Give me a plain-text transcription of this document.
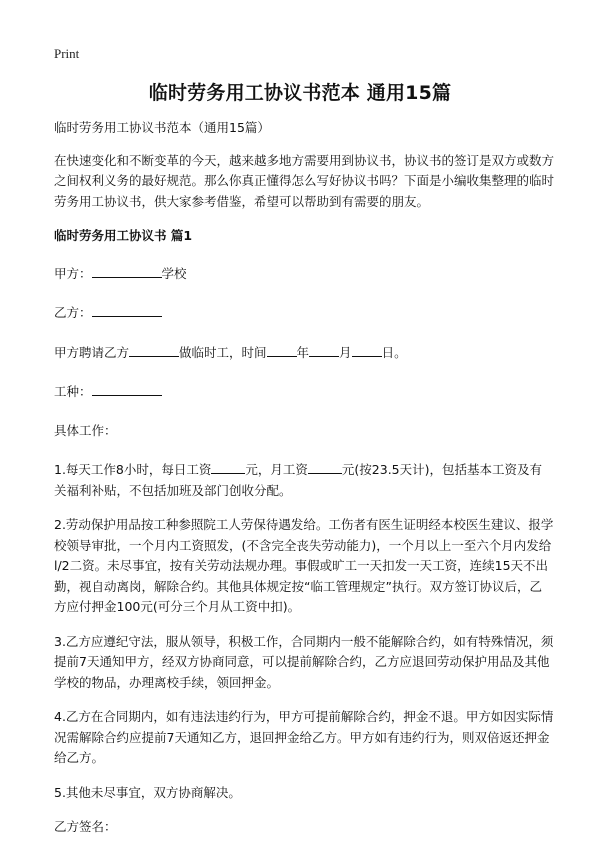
Print
临时劳务用工协议书范本 通用15篇

临时劳务用工协议书范本（通用15篇）

在快速变化和不断变革的今天，越来越多地方需要用到协议书，协议书的签订是双方或数方之间权利义务的最好规范。那么你真正懂得怎么写好协议书吗？下面是小编收集整理的临时劳务用工协议书，供大家参考借鉴，希望可以帮助到有需要的朋友。

临时劳务用工协议书 篇1

甲方：	学校

乙方：

甲方聘请乙方	做临时工，时间 年 月 日。

工种：

具体工作：

1.每天工作8小时，每日工资	元，月工资	元(按23.5天计)，包括基本工资及有关福利补贴，不包括加班及部门创收分配。

2.劳动保护用品按工种参照院工人劳保待遇发给。工伤者有医生证明经本校医生建议、报学校领导审批，一个月内工资照发，(不含完全丧失劳动能力)，一个月以上一至六个月内发给l/2二资。未尽事宜，按有关劳动法规办理。事假或旷工一天扣发一天工资，连续15天不出勤，视自动离岗，解除合约。其他具体规定按“临工管理规定”执行。双方签订协议后，乙方应付押金100元(可分三个月从工资中扣)。

3.乙方应遵纪守法，服从领导，积极工作，合同期内一般不能解除合约，如有特殊情况，须提前7天通知甲方，经双方协商同意，可以提前解除合约，乙方应退回劳动保护用品及其他学校的物品，办理离校手续，领回押金。

4.乙方在合同期内，如有违法违约行为，甲方可提前解除合约，押金不退。甲方如因实际情况需解除合约应提前7天通知乙方，退回押金给乙方。甲方如有违约行为，则双倍返还押金给乙方。

5.其他未尽事宜，双方协商解决。

乙方签名：
